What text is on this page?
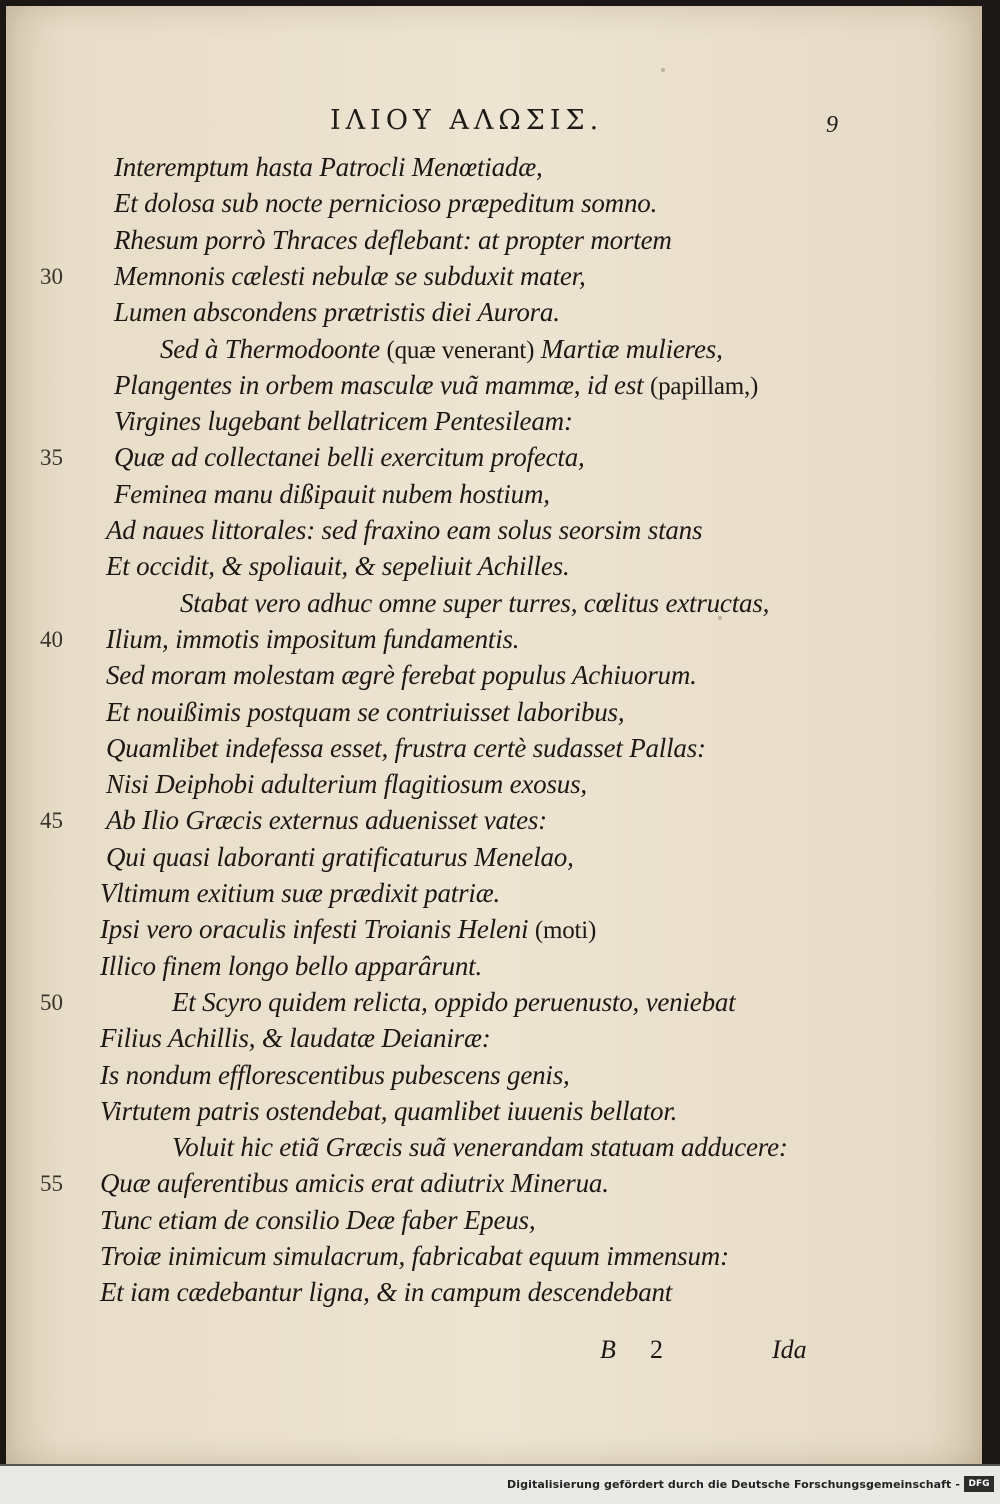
ΙΛΙΟΥ ΑΛΩΣΙΣ.	9
Interemptum hasta Patrocli Menœtiadæ,
Et dolosa sub nocte pernicioso præpeditum somno.
Rhesum porrò Thraces deflebant: at propter mortem
Memnonis cælesti nebulæ se subduxit mater,
Lumen abscondens prætristis diei Aurora.
Sed à Thermodoonte (quæ venerant) Martiæ mulieres,
Plangentes in orbem masculæ vuã mammæ, id est (papillam,)
Virgines lugebant bellatricem Pentesileam:
Quæ ad collectanei belli exercitum profecta,
Feminea manu dißipauit nubem hostium,
Ad naues littorales: sed fraxino eam solus seorsim stans
Et occidit, & spoliauit, & sepeliuit Achilles.
Stabat vero adhuc omne super turres, cœlitus extructas,
Ilium, immotis impositum fundamentis.
Sed moram molestam ægrè ferebat populus Achiuorum.
Et nouißimis postquam se contriuisset laboribus,
Quamlibet indefessa esset, frustra certè sudasset Pallas:
Nisi Deiphobi adulterium flagitiosum exosus,
Ab Ilio Græcis externus aduenisset vates:
Qui quasi laboranti gratificaturus Menelao,
Vltimum exitium suæ prædixit patriæ.
Ipsi vero oraculis infesti Troianis Heleni (moti)
Illico finem longo bello apparârunt.
Et Scyro quidem relicta, oppido peruenusto, veniebat
Filius Achillis, & laudatæ Deianiræ:
Is nondum efflorescentibus pubescens genis,
Virtutem patris ostendebat, quamlibet iuuenis bellator.
Voluit hic etiã Græcis suã venerandam statuam adducere:
Quæ auferentibus amicis erat adiutrix Minerua.
Tunc etiam de consilio Deæ faber Epeus,
Troiæ inimicum simulacrum, fabricabat equum immensum:
Et iam cædebantur ligna, & in campum descendebant
30
35
40
45
50
55
B 2	Ida
Digitalisierung gefördert durch die Deutsche Forschungsgemeinschaft - DFG
